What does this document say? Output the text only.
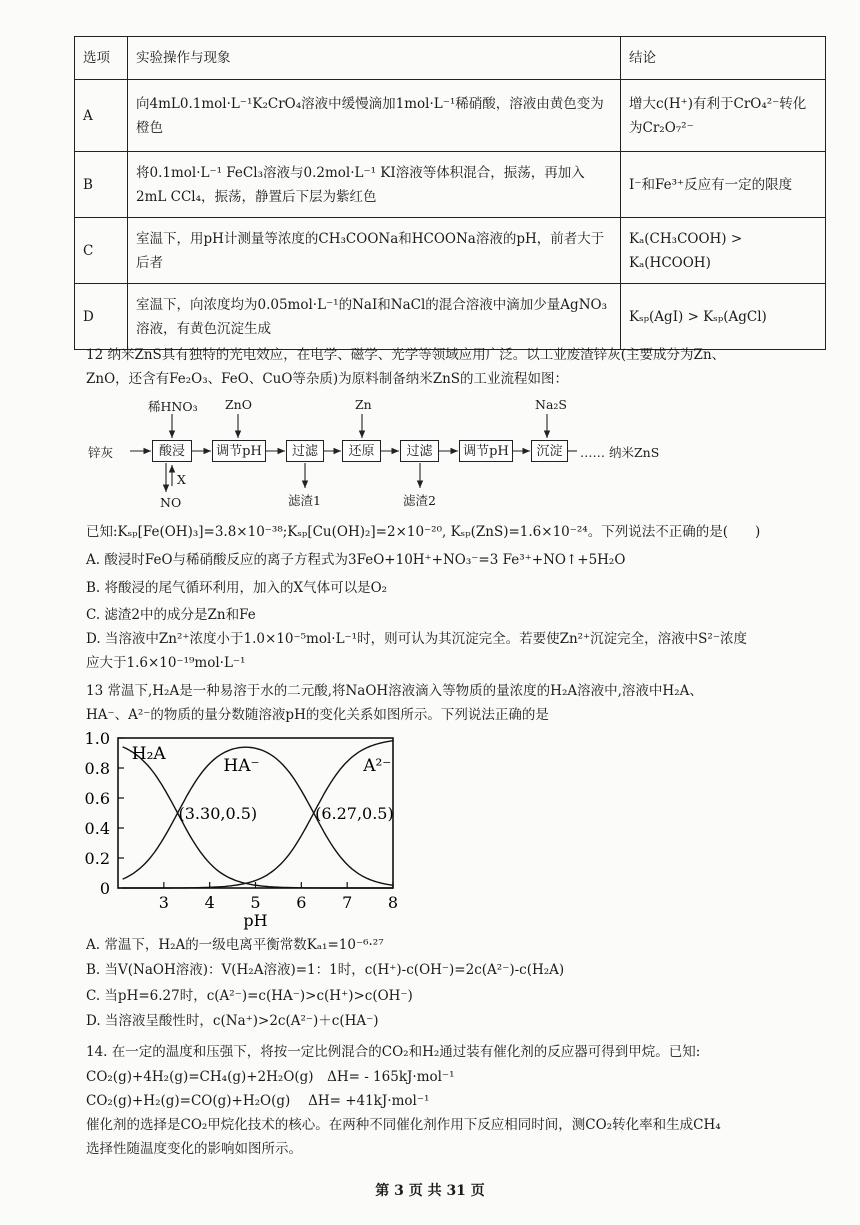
选项	实验操作与现象	结论
A	向4mL0.1mol·L⁻¹K₂CrO₄溶液中缓慢滴加1mol·L⁻¹稀硝酸，溶液由黄色变为橙色	增大c(H⁺)有利于CrO₄²⁻转化为Cr₂O₇²⁻
B	将0.1mol·L⁻¹ FeCl₃溶液与0.2mol·L⁻¹ KI溶液等体积混合，振荡，再加入2mL CCl₄，振荡，静置后下层为紫红色	I⁻和Fe³⁺反应有一定的限度
C	室温下，用pH计测量等浓度的CH₃COONa和HCOONa溶液的pH，前者大于后者	Kₐ(CH₃COOH) > Kₐ(HCOOH)
D	室温下，向浓度均为0.05mol·L⁻¹的NaI和NaCl的混合溶液中滴加少量AgNO₃溶液，有黄色沉淀生成	Kₛₚ(AgI) > Kₛₚ(AgCl)
12 纳米ZnS具有独特的光电效应，在电学、磁学、光学等领域应用广泛。以工业废渣锌灰(主要成分为Zn、
ZnO，还含有Fe₂O₃、FeO、CuO等杂质)为原料制备纳米ZnS的工业流程如图：
锌灰	酸浸	调节pH	过滤	还原	过滤	调节pH	沉淀	…… 纳米ZnS
稀HNO₃ ZnO	Zn	Na₂S
X
NO	滤渣1	滤渣2
已知:Kₛₚ[Fe(OH)₃]=3.8×10⁻³⁸;Kₛₚ[Cu(OH)₂]=2×10⁻²⁰, Kₛₚ(ZnS)=1.6×10⁻²⁴。下列说法不正确的是(　　)
A. 酸浸时FeO与稀硝酸反应的离子方程式为3FeO+10H⁺+NO₃⁻=3 Fe³⁺+NO↑+5H₂O
B. 将酸浸的尾气循环利用，加入的X气体可以是O₂
C. 滤渣2中的成分是Zn和Fe
D. 当溶液中Zn²⁺浓度小于1.0×10⁻⁵mol·L⁻¹时，则可认为其沉淀完全。若要使Zn²⁺沉淀完全，溶液中S²⁻浓度
应大于1.6×10⁻¹⁹mol·L⁻¹
13 常温下,H₂A是一种易溶于水的二元酸,将NaOH溶液滴入等物质的量浓度的H₂A溶液中,溶液中H₂A、
HA⁻、A²⁻的物质的量分数随溶液pH的变化关系如图所示。下列说法正确的是
0
0.2
0.4
0.6
0.8
1.0
3 4 5 6 7 8
pH
H₂A
HA⁻	A²⁻
(3.30,0.5)	(6.27,0.5)
A. 常温下，H₂A的一级电离平衡常数Kₐ₁=10⁻⁶·²⁷
B. 当V(NaOH溶液)：V(H₂A溶液)=1：1时，c(H⁺)-c(OH⁻)=2c(A²⁻)-c(H₂A)
C. 当pH=6.27时，c(A²⁻)=c(HA⁻)>c(H⁺)>c(OH⁻)
D. 当溶液呈酸性时，c(Na⁺)>2c(A²⁻)＋c(HA⁻)
14. 在一定的温度和压强下，将按一定比例混合的CO₂和H₂通过装有催化剂的反应器可得到甲烷。已知:
CO₂(g)+4H₂(g)=CH₄(g)+2H₂O(g)　ΔH= - 165kJ·mol⁻¹
CO₂(g)+H₂(g)=CO(g)+H₂O(g)　 ΔH= +41kJ·mol⁻¹
催化剂的选择是CO₂甲烷化技术的核心。在两种不同催化剂作用下反应相同时间，测CO₂转化率和生成CH₄
选择性随温度变化的影响如图所示。
第 3 页 共 31 页
